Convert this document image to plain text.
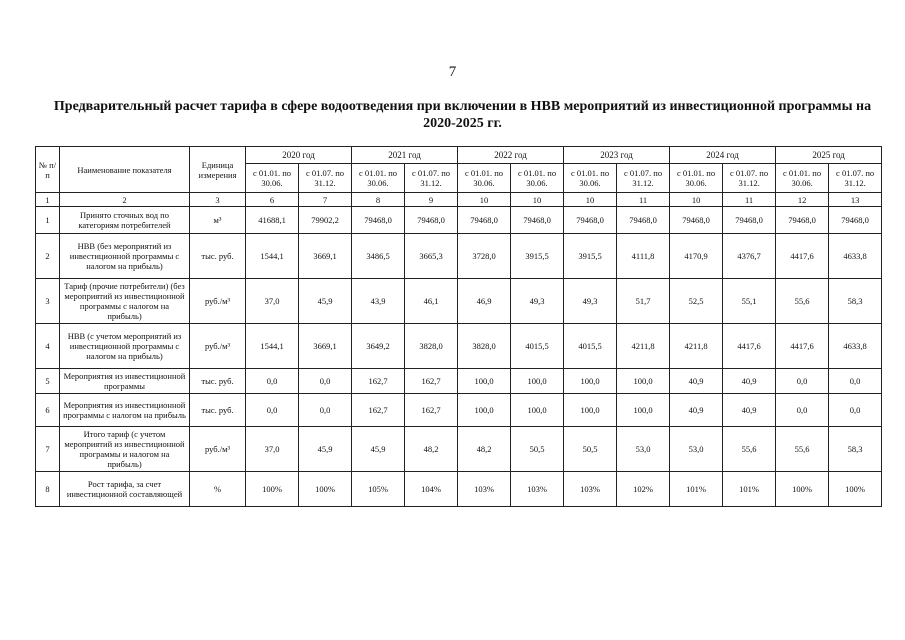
7
Предварительный расчет тарифа в сфере водоотведения при включении в НВВ мероприятий из инвестиционной программы на 2020-2025 гг.
№ п/п	Наименование показателя	Единица измерения	2020 год		2021 год		2022 год		2023 год		2024 год		2025 год	
			с 01.01. по 30.06.	с 01.07. по 31.12.	с 01.01. по 30.06.	с 01.07. по 31.12.	с 01.01. по 30.06.	с 01.01. по 30.06.	с 01.01. по 30.06.	с 01.07. по 31.12.	с 01.01. по 30.06.	с 01.07. по 31.12.	с 01.01. по 30.06.	с 01.07. по 31.12.
1	2	3	6	7	8	9	10	10	10	11	10	11	12	13
1	Принято сточных вод по категориям потребителей	м³	41688,1	79902,2	79468,0	79468,0	79468,0	79468,0	79468,0	79468,0	79468,0	79468,0	79468,0	79468,0
2	НВВ (без мероприятий из инвестиционной программы с налогом на прибыль)	тыс. руб.	1544,1	3669,1	3486,5	3665,3	3728,0	3915,5	3915,5	4111,8	4170,9	4376,7	4417,6	4633,8
3	Тариф (прочие потребители) (без мероприятий из инвестиционной программы с налогом на прибыль)	руб./м³	37,0	45,9	43,9	46,1	46,9	49,3	49,3	51,7	52,5	55,1	55,6	58,3
4	НВВ (с учетом мероприятий из инвестиционной программы с налогом на прибыль)	руб./м³	1544,1	3669,1	3649,2	3828,0	3828,0	4015,5	4015,5	4211,8	4211,8	4417,6	4417,6	4633,8
5	Мероприятия из инвестиционной программы	тыс. руб.	0,0	0,0	162,7	162,7	100,0	100,0	100,0	100,0	40,9	40,9	0,0	0,0
6	Мероприятия из инвестиционной программы с налогом на прибыль	тыс. руб.	0,0	0,0	162,7	162,7	100,0	100,0	100,0	100,0	40,9	40,9	0,0	0,0
7	Итого тариф (с учетом мероприятий из инвестиционной программы и налогом на прибыль)	руб./м³	37,0	45,9	45,9	48,2	48,2	50,5	50,5	53,0	53,0	55,6	55,6	58,3
8	Рост тарифа, за счет инвестиционной составляющей	%	100%	100%	105%	104%	103%	103%	103%	102%	101%	101%	100%	100%
